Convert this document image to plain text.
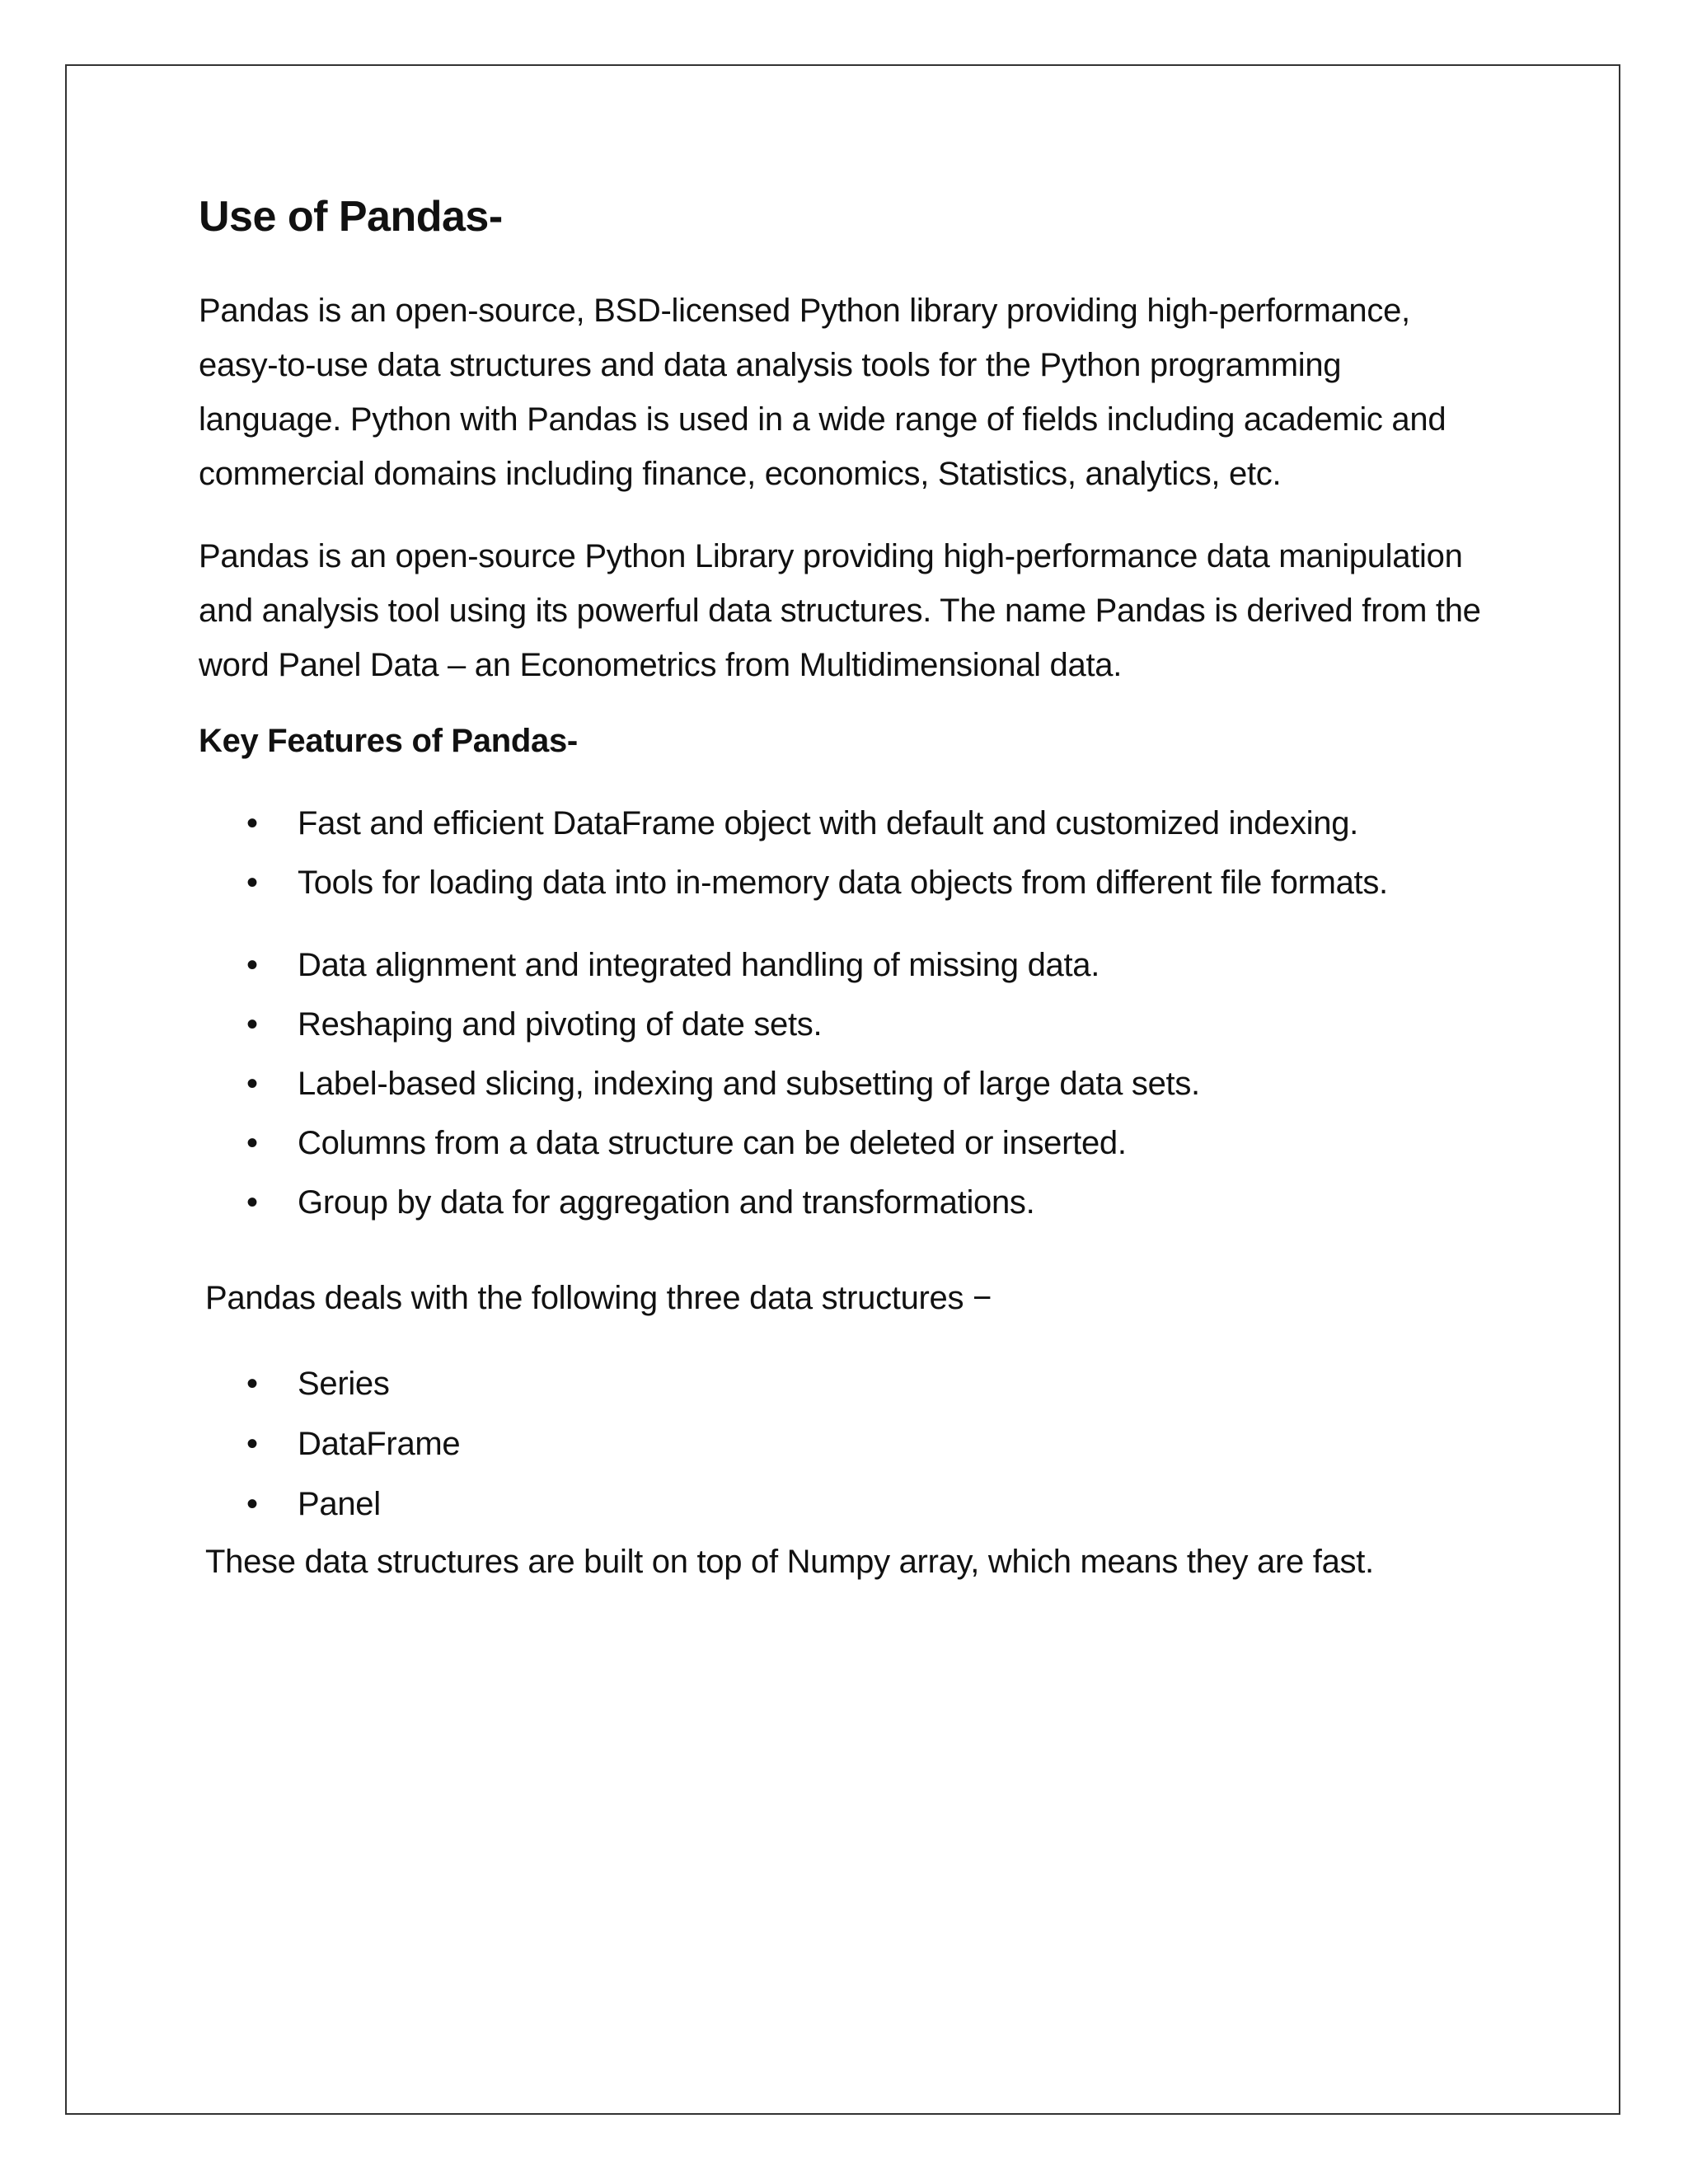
Use of Pandas-

Pandas is an open-source, BSD-licensed Python library providing high-performance, easy-to-use data structures and data analysis tools for the Python programming language. Python with Pandas is used in a wide range of fields including academic and commercial domains including finance, economics, Statistics, analytics, etc.

Pandas is an open-source Python Library providing high-performance data manipulation and analysis tool using its powerful data structures. The name Pandas is derived from the word Panel Data – an Econometrics from Multidimensional data.

Key Features of Pandas-
• Fast and efficient DataFrame object with default and customized indexing.
• Tools for loading data into in-memory data objects from different file formats.
• Data alignment and integrated handling of missing data.
• Reshaping and pivoting of date sets.
• Label-based slicing, indexing and subsetting of large data sets.
• Columns from a data structure can be deleted or inserted.
• Group by data for aggregation and transformations.

Pandas deals with the following three data structures −

• Series
• DataFrame
• Panel

These data structures are built on top of Numpy array, which means they are fast.
